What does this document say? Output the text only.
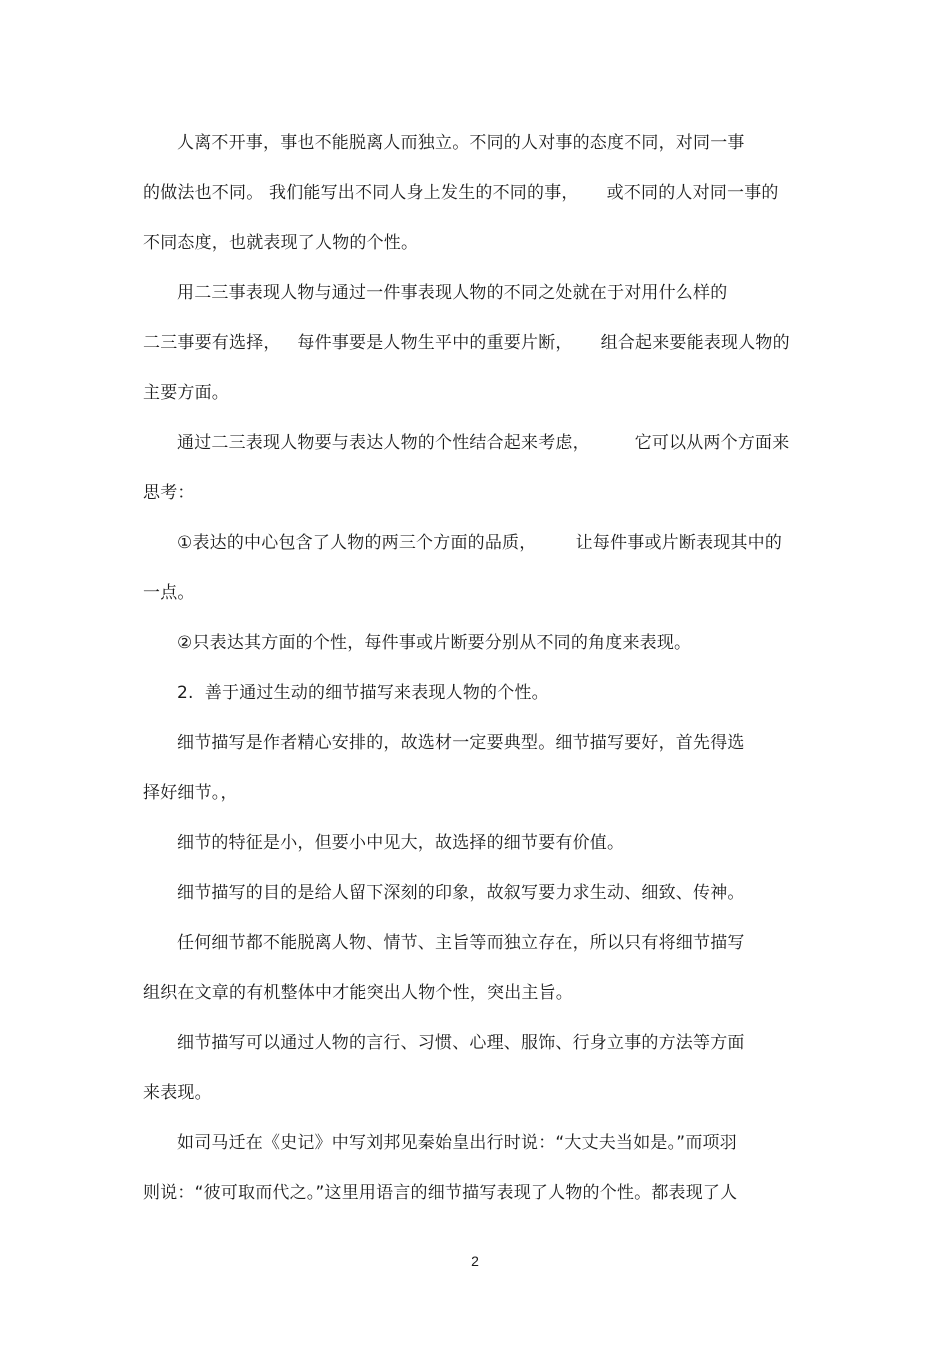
人离不开事，事也不能脱离人而独立。不同的人对事的态度不同，对同一事
的做法也不同。 我们能写出不同人身上发生的不同的事，     或不同的人对同一事的
不同态度，也就表现了人物的个性。
用二三事表现人物与通过一件事表现人物的不同之处就在于对用什么样的
二三事要有选择，   每件事要是人物生平中的重要片断，     组合起来要能表现人物的
主要方面。
通过二三表现人物要与表达人物的个性结合起来考虑，        它可以从两个方面来
思考：
①表达的中心包含了人物的两三个方面的品质，       让每件事或片断表现其中的
一点。
②只表达其方面的个性，每件事或片断要分别从不同的角度来表现。
2.  善于通过生动的细节描写来表现人物的个性。
细节描写是作者精心安排的，故选材一定要典型。细节描写要好，首先得选
择好细节。，
细节的特征是小，但要小中见大，故选择的细节要有价值。
细节描写的目的是给人留下深刻的印象，故叙写要力求生动、细致、传神。
任何细节都不能脱离人物、情节、主旨等而独立存在，所以只有将细节描写
组织在文章的有机整体中才能突出人物个性，突出主旨。
细节描写可以通过人物的言行、习惯、心理、服饰、行身立事的方法等方面
来表现。
如司马迁在《史记》中写刘邦见秦始皇出行时说：“大丈夫当如是。”而项羽
则说：“彼可取而代之。”这里用语言的细节描写表现了人物的个性。都表现了人
2
